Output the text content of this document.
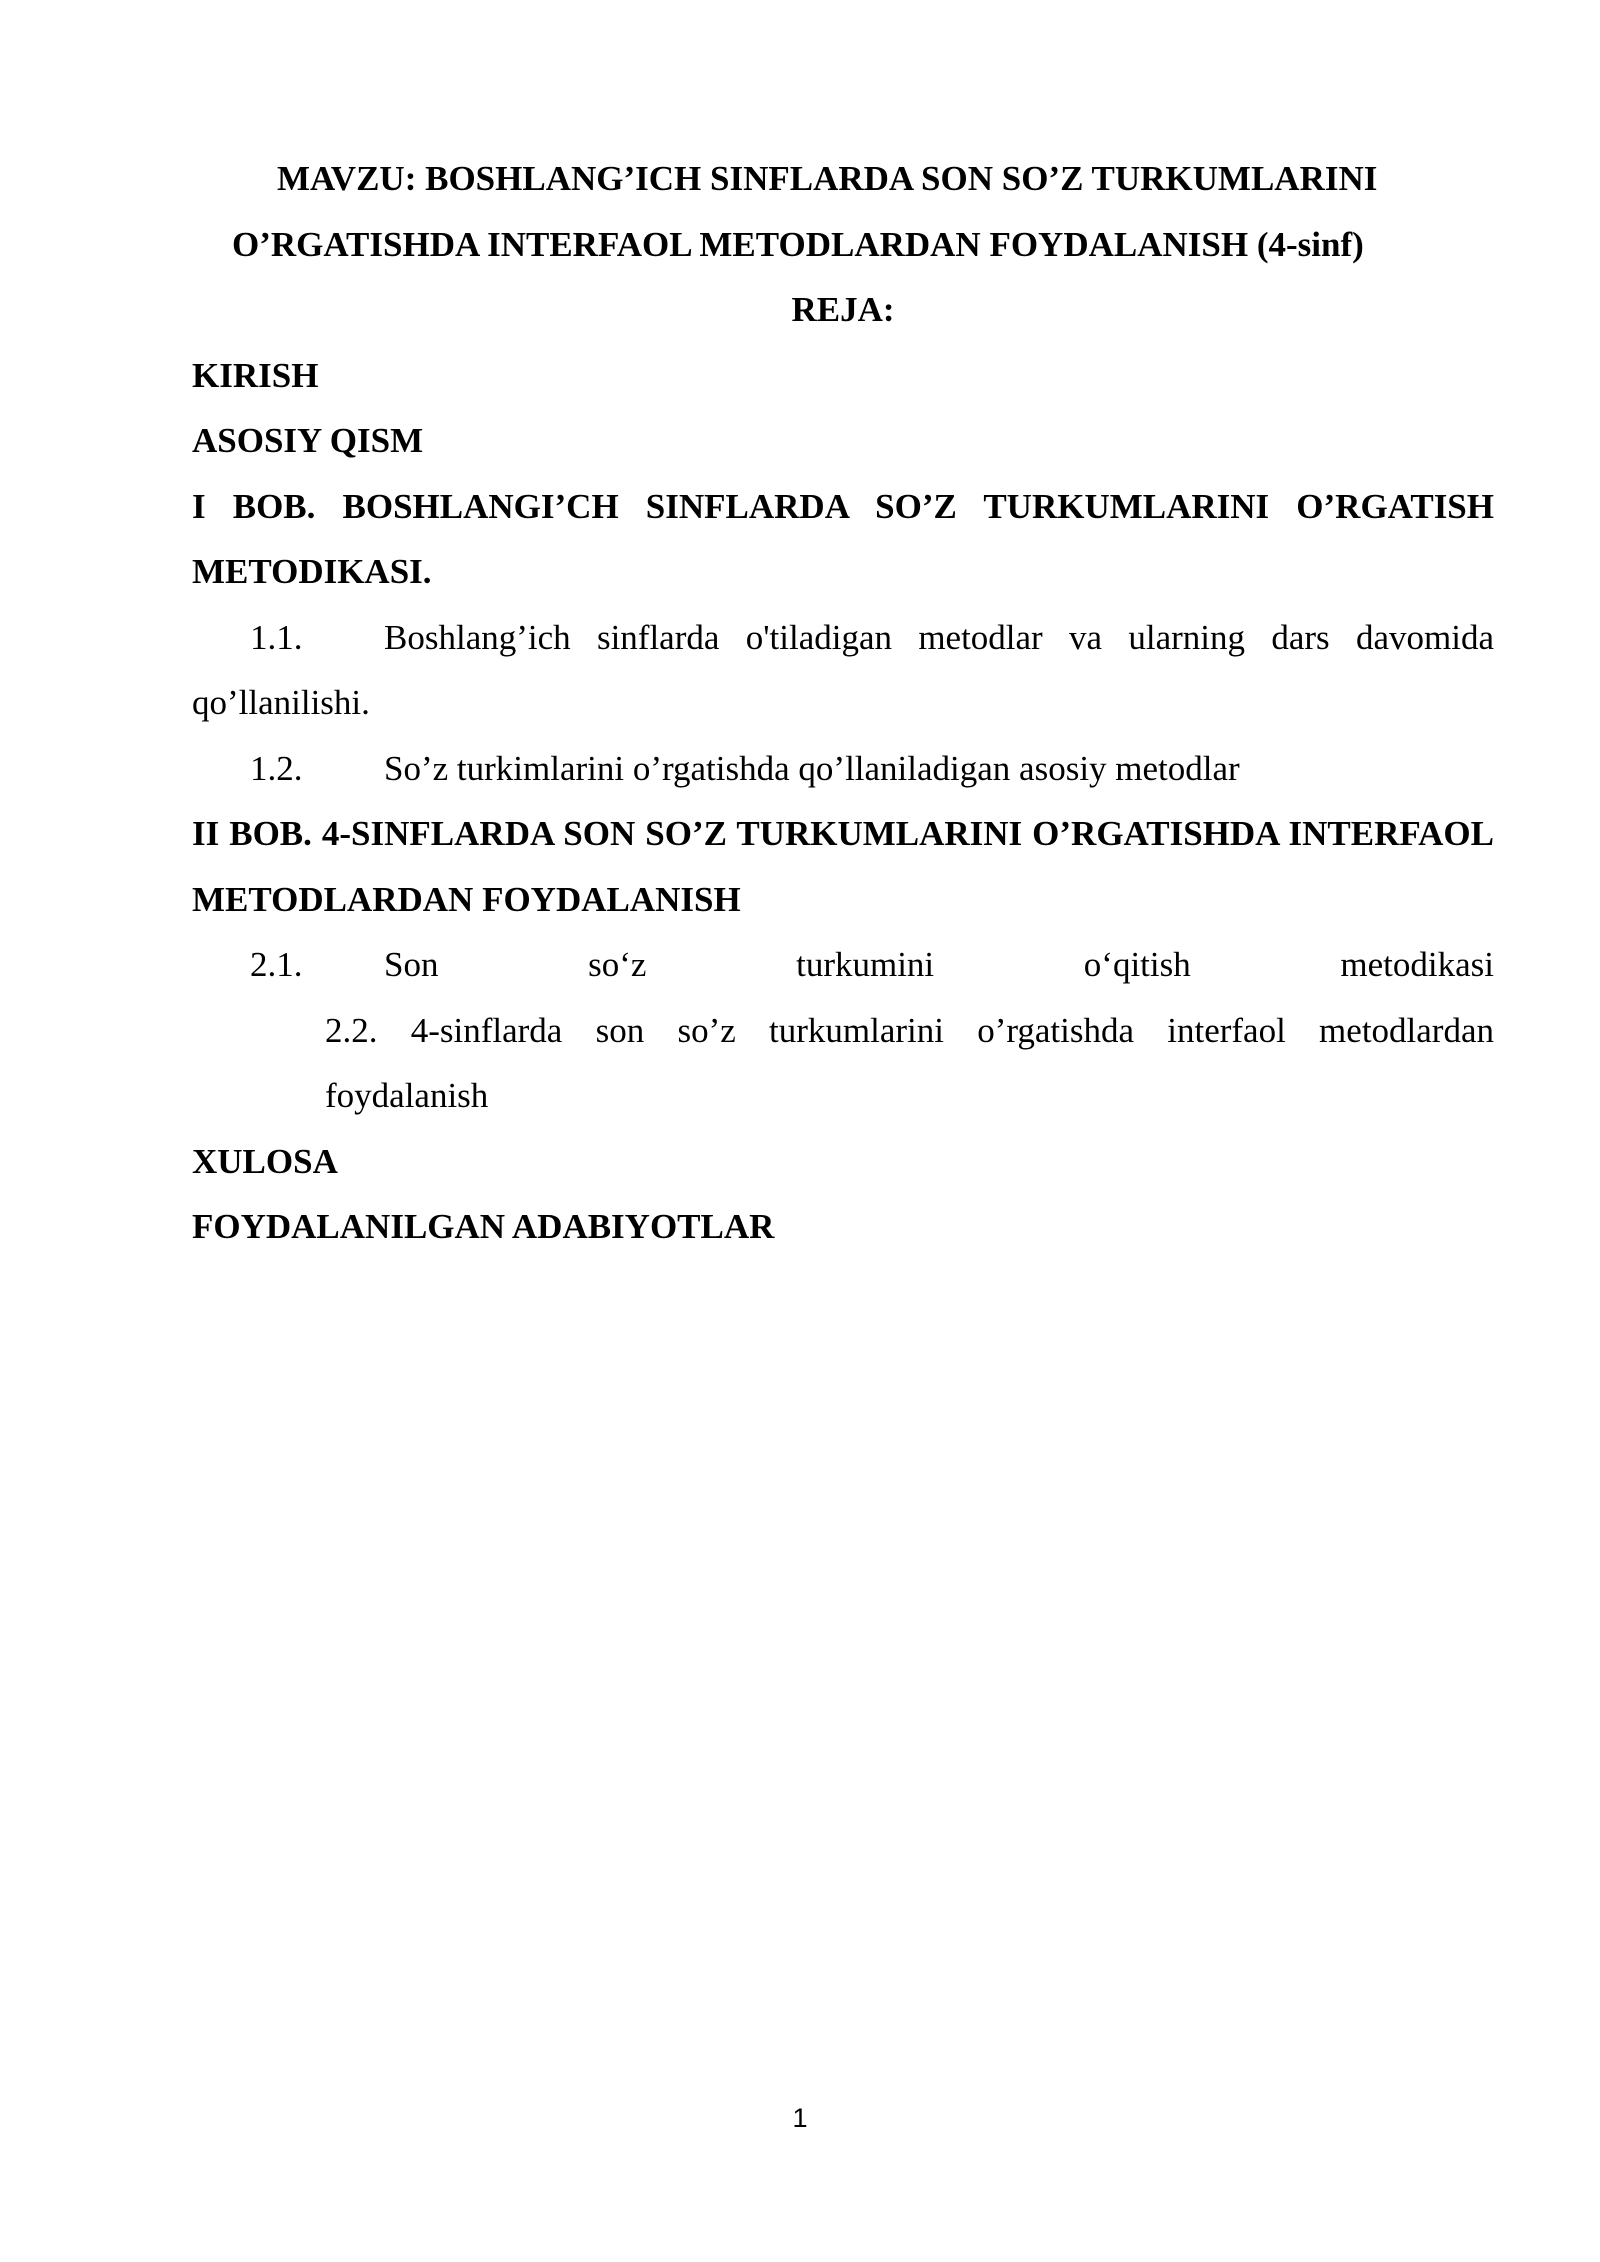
MAVZU: BOSHLANG’ICH SINFLARDA SON SO’Z TURKUMLARINI

O’RGATISHDA INTERFAOL METODLARDAN FOYDALANISH (4-sinf)

REJA:

KIRISH

ASOSIY QISM

I BOB. BOSHLANGI’CH SINFLARDA SO’Z TURKUMLARINI O’RGATISH METODIKASI.

1.1. Boshlang’ich sinflarda o'tiladigan metodlar va ularning dars davomida qo’llanilishi.

1.2. So’z turkimlarini o’rgatishda qo’llaniladigan asosiy metodlar

II BOB. 4-SINFLARDA SON SO’Z TURKUMLARINI O’RGATISHDA INTERFAOL METODLARDAN FOYDALANISH

2.1. Son so‘z turkumini o‘qitish metodikasi

2.2. 4-sinflarda son so’z turkumlarini o’rgatishda interfaol metodlardan foydalanish

XULOSA

FOYDALANILGAN ADABIYOTLAR

1
